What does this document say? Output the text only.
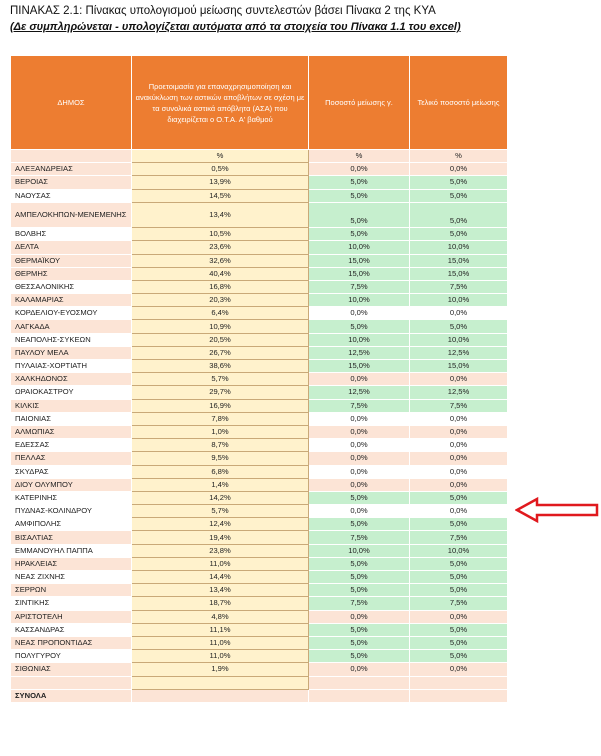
ΠΙΝΑΚΑΣ 2.1: Πίνακας υπολογισμού μείωσης συντελεστών βάσει Πίνακα 2 της ΚΥΑ
(Δε συμπληρώνεται - υπολογίζεται αυτόματα από τα στοιχεία του Πίνακα 1.1 του excel)
ΔΗΜΟΣ	Προετοιμασία για επαναχρησιμοποίηση και ανακύκλωση των αστικών αποβλήτων σε σχέση με τα συνολικά αστικά απόβλητα (ΑΣΑ) που διαχειρίζεται ο Ο.Τ.Α. Α' βαθμού	Ποσοστό μείωσης γ.	Τελικό ποσοστό μείωσης
	%	%	%
ΑΛΕΞΑΝΔΡΕΙΑΣ	0,5%	0,0%	0,0%
ΒΕΡΟΙΑΣ	13,9%	5,0%	5,0%
ΝΑΟΥΣΑΣ	14,5%	5,0%	5,0%
ΑΜΠΕΛΟΚΗΠΩΝ-ΜΕΝΕΜΕΝΗΣ	13,4%	5,0%	5,0%
ΒΟΛΒΗΣ	10,5%	5,0%	5,0%
ΔΕΛΤΑ	23,6%	10,0%	10,0%
ΘΕΡΜΑΪΚΟΥ	32,6%	15,0%	15,0%
ΘΕΡΜΗΣ	40,4%	15,0%	15,0%
ΘΕΣΣΑΛΟΝΙΚΗΣ	16,8%	7,5%	7,5%
ΚΑΛΑΜΑΡΙΑΣ	20,3%	10,0%	10,0%
ΚΟΡΔΕΛΙΟΥ-ΕΥΟΣΜΟΥ	6,4%	0,0%	0,0%
ΛΑΓΚΑΔΑ	10,9%	5,0%	5,0%
ΝΕΑΠΟΛΗΣ-ΣΥΚΕΩΝ	20,5%	10,0%	10,0%
ΠΑΥΛΟΥ ΜΕΛΑ	26,7%	12,5%	12,5%
ΠΥΛΑΙΑΣ-ΧΟΡΤΙΑΤΗ	38,6%	15,0%	15,0%
ΧΑΛΚΗΔΟΝΟΣ	5,7%	0,0%	0,0%
ΩΡΑΙΟΚΑΣΤΡΟΥ	29,7%	12,5%	12,5%
ΚΙΛΚΙΣ	16,9%	7,5%	7,5%
ΠΑΙΟΝΙΑΣ	7,8%	0,0%	0,0%
ΑΛΜΩΠΙΑΣ	1,0%	0,0%	0,0%
ΕΔΕΣΣΑΣ	8,7%	0,0%	0,0%
ΠΕΛΛΑΣ	9,5%	0,0%	0,0%
ΣΚΥΔΡΑΣ	6,8%	0,0%	0,0%
ΔΙΟΥ ΟΛΥΜΠΟΥ	1,4%	0,0%	0,0%
ΚΑΤΕΡΙΝΗΣ	14,2%	5,0%	5,0%
ΠΥΔΝΑΣ-ΚΟΛΙΝΔΡΟΥ	5,7%	0,0%	0,0%
ΑΜΦΙΠΟΛΗΣ	12,4%	5,0%	5,0%
ΒΙΣΑΛΤΙΑΣ	19,4%	7,5%	7,5%
ΕΜΜΑΝΟΥΗΛ ΠΑΠΠΑ	23,8%	10,0%	10,0%
ΗΡΑΚΛΕΙΑΣ	11,0%	5,0%	5,0%
ΝΕΑΣ ΖΙΧΝΗΣ	14,4%	5,0%	5,0%
ΣΕΡΡΩΝ	13,4%	5,0%	5,0%
ΣΙΝΤΙΚΗΣ	18,7%	7,5%	7,5%
ΑΡΙΣΤΟΤΕΛΗ	4,8%	0,0%	0,0%
ΚΑΣΣΑΝΔΡΑΣ	11,1%	5,0%	5,0%
ΝΕΑΣ ΠΡΟΠΟΝΤΙΔΑΣ	11,0%	5,0%	5,0%
ΠΟΛΥΓΥΡΟΥ	11,0%	5,0%	5,0%
ΣΙΘΩΝΙΑΣ	1,9%	0,0%	0,0%

ΣΥΝΟΛΑ			
